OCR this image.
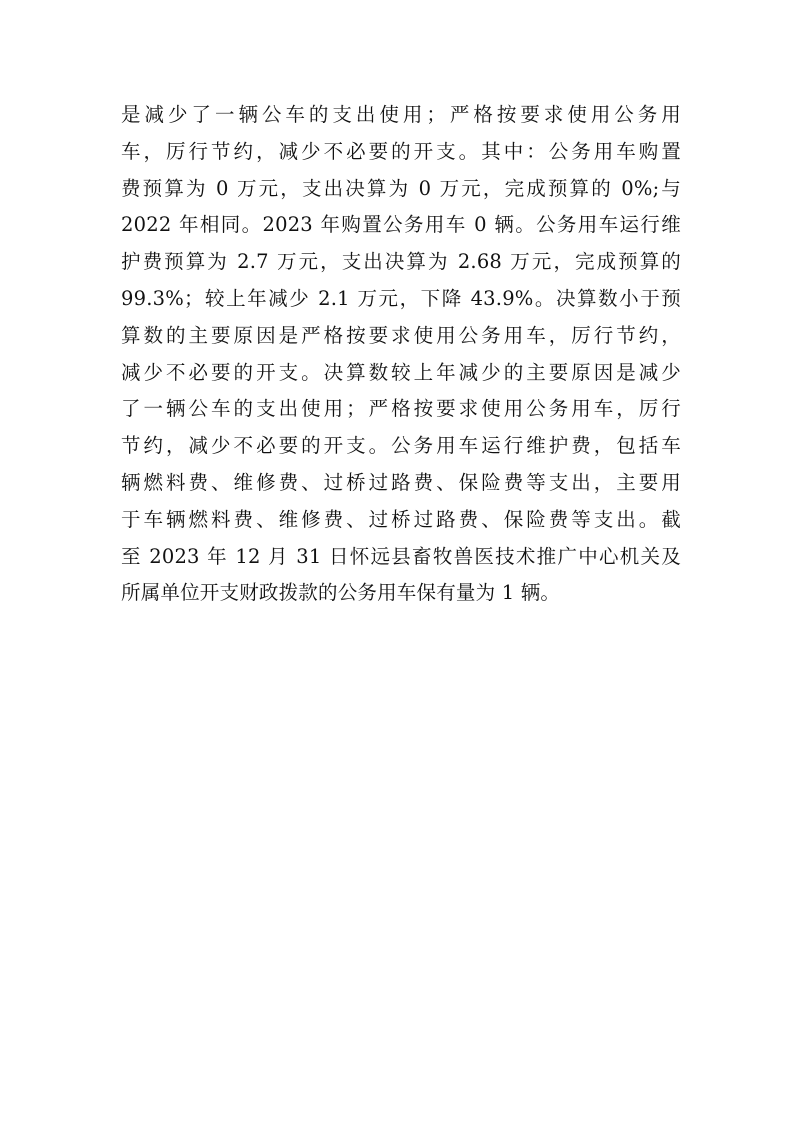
是减少了一辆公车的支出使用；严格按要求使用公务用
车，厉行节约，减少不必要的开支。其中：公务用车购置
费预算为 0 万元，支出决算为 0 万元，完成预算的 0%;与
2022 年相同。2023 年购置公务用车 0 辆。公务用车运行维
护费预算为 2.7 万元，支出决算为 2.68 万元，完成预算的
99.3%；较上年减少 2.1 万元，下降 43.9%。决算数小于预
算数的主要原因是严格按要求使用公务用车，厉行节约，
减少不必要的开支。决算数较上年减少的主要原因是减少
了一辆公车的支出使用；严格按要求使用公务用车，厉行
节约，减少不必要的开支。公务用车运行维护费，包括车
辆燃料费、维修费、过桥过路费、保险费等支出，主要用
于车辆燃料费、维修费、过桥过路费、保险费等支出。截
至 2023 年 12 月 31 日怀远县畜牧兽医技术推广中心机关及
所属单位开支财政拨款的公务用车保有量为 1 辆。
